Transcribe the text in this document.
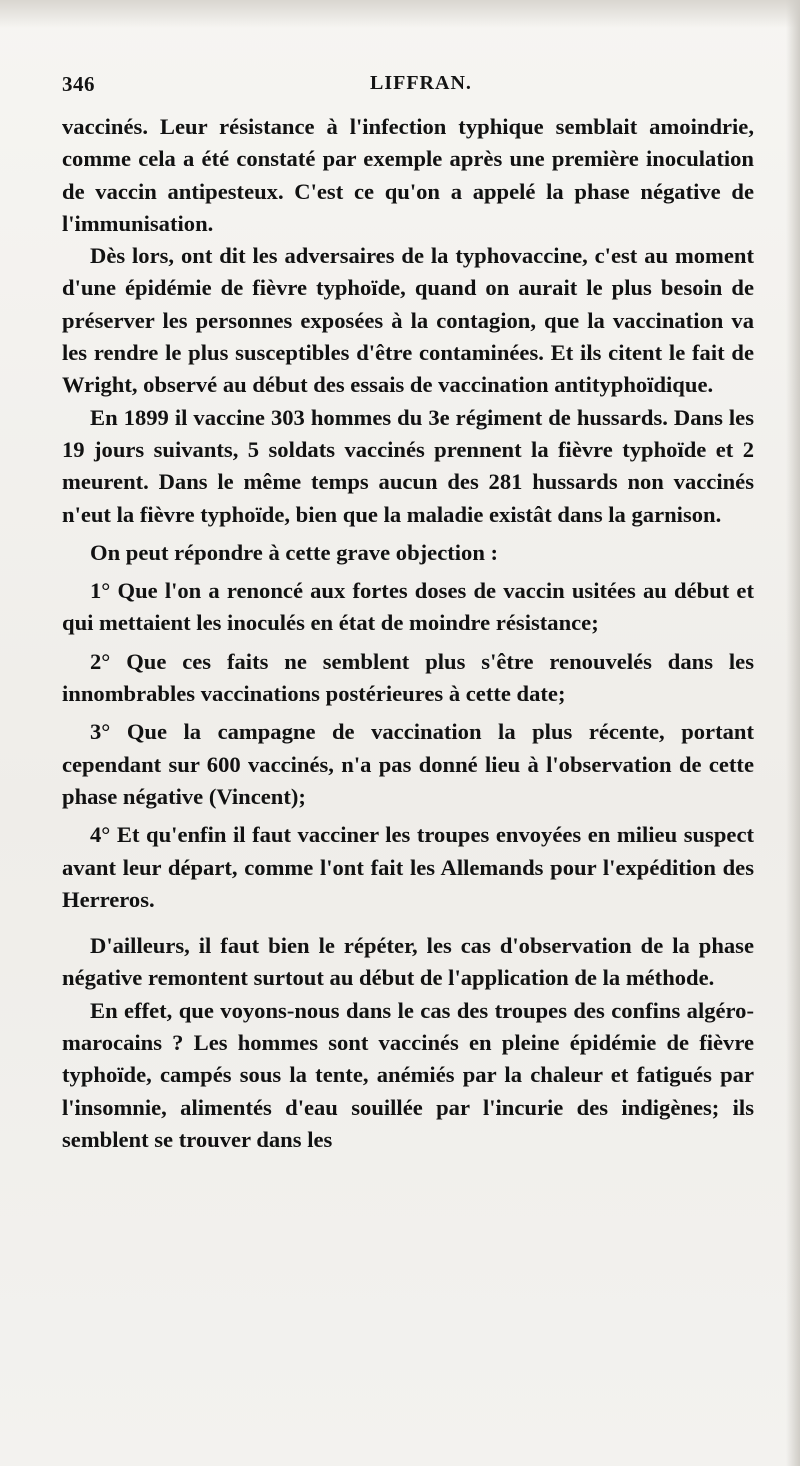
346	LIFFRAN.

vaccinés. Leur résistance à l'infection typhique semblait amoindrie, comme cela a été constaté par exemple après une première inoculation de vaccin antipesteux. C'est ce qu'on a appelé la phase négative de l'immunisation.

Dès lors, ont dit les adversaires de la typhovaccine, c'est au moment d'une épidémie de fièvre typhoïde, quand on aurait le plus besoin de préserver les personnes exposées à la contagion, que la vaccination va les rendre le plus susceptibles d'être contaminées. Et ils citent le fait de Wright, observé au début des essais de vaccination antityphoïdique.

En 1899 il vaccine 303 hommes du 3e régiment de hussards. Dans les 19 jours suivants, 5 soldats vaccinés prennent la fièvre typhoïde et 2 meurent. Dans le même temps aucun des 281 hussards non vaccinés n'eut la fièvre typhoïde, bien que la maladie existât dans la garnison.

On peut répondre à cette grave objection :

1° Que l'on a renoncé aux fortes doses de vaccin usitées au début et qui mettaient les inoculés en état de moindre résistance;

2° Que ces faits ne semblent plus s'être renouvelés dans les innombrables vaccinations postérieures à cette date;

3° Que la campagne de vaccination la plus récente, portant cependant sur 600 vaccinés, n'a pas donné lieu à l'observation de cette phase négative (Vincent);

4° Et qu'enfin il faut vacciner les troupes envoyées en milieu suspect avant leur départ, comme l'ont fait les Allemands pour l'expédition des Herreros.

D'ailleurs, il faut bien le répéter, les cas d'observation de la phase négative remontent surtout au début de l'application de la méthode.

En effet, que voyons-nous dans le cas des troupes des confins algéro-marocains ? Les hommes sont vaccinés en pleine épidémie de fièvre typhoïde, campés sous la tente, anémiés par la chaleur et fatigués par l'insomnie, alimentés d'eau souillée par l'incurie des indigènes; ils semblent se trouver dans les
